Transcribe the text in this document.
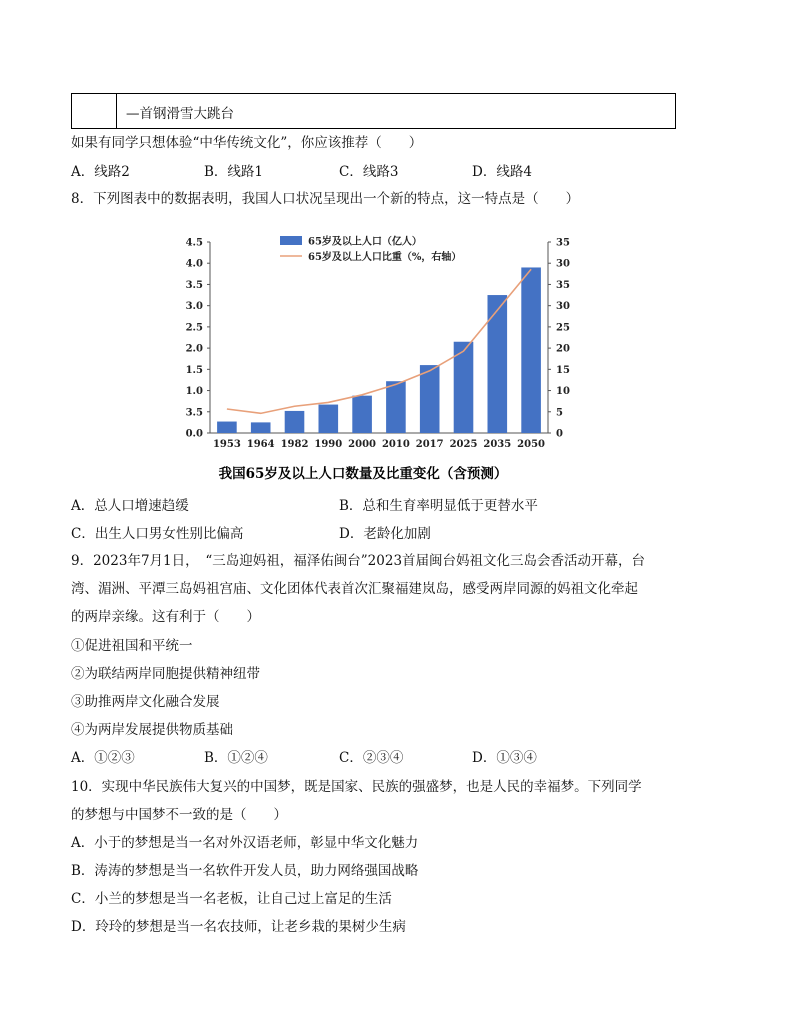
—首钢滑雪大跳台
如果有同学只想体验“中华传统文化”，你应该推荐（　　）
A．线路2	B．线路1	C．线路3	D．线路4
8．下列图表中的数据表明，我国人口状况呈现出一个新的特点，这一特点是（　　）
0.0
3.5
1.0
1.5
2.0
2.5
3.0
3.5
4.0
4.5
0
5
10
15
20
25
30
35
30
35
1953 1964 1982 1990 2000 2010 2017 2025 2035 2050
65岁及以上人口（亿人）
65岁及以上人口比重（%，右轴）
我国65岁及以上人口数量及比重变化（含预测）
A．总人口增速趋缓	B．总和生育率明显低于更替水平
C．出生人口男女性别比偏高	D．老龄化加剧
9．2023年7月1日，　“三岛迎妈祖，福泽佑闽台”2023首届闽台妈祖文化三岛会香活动开幕，台
湾、湄洲、平潭三岛妈祖宫庙、文化团体代表首次汇聚福建岚岛，感受两岸同源的妈祖文化牵起
的两岸亲缘。这有利于（　　）
①促进祖国和平统一
②为联结两岸同胞提供精神纽带
③助推两岸文化融合发展
④为两岸发展提供物质基础
A．①②③	B．①②④	C．②③④	D．①③④
10．实现中华民族伟大复兴的中国梦，既是国家、民族的强盛梦，也是人民的幸福梦。下列同学
的梦想与中国梦不一致的是（　　）
A．小于的梦想是当一名对外汉语老师，彰显中华文化魅力
B．涛涛的梦想是当一名软件开发人员，助力网络强国战略
C．小兰的梦想是当一名老板，让自己过上富足的生活
D．玲玲的梦想是当一名农技师，让老乡栽的果树少生病
